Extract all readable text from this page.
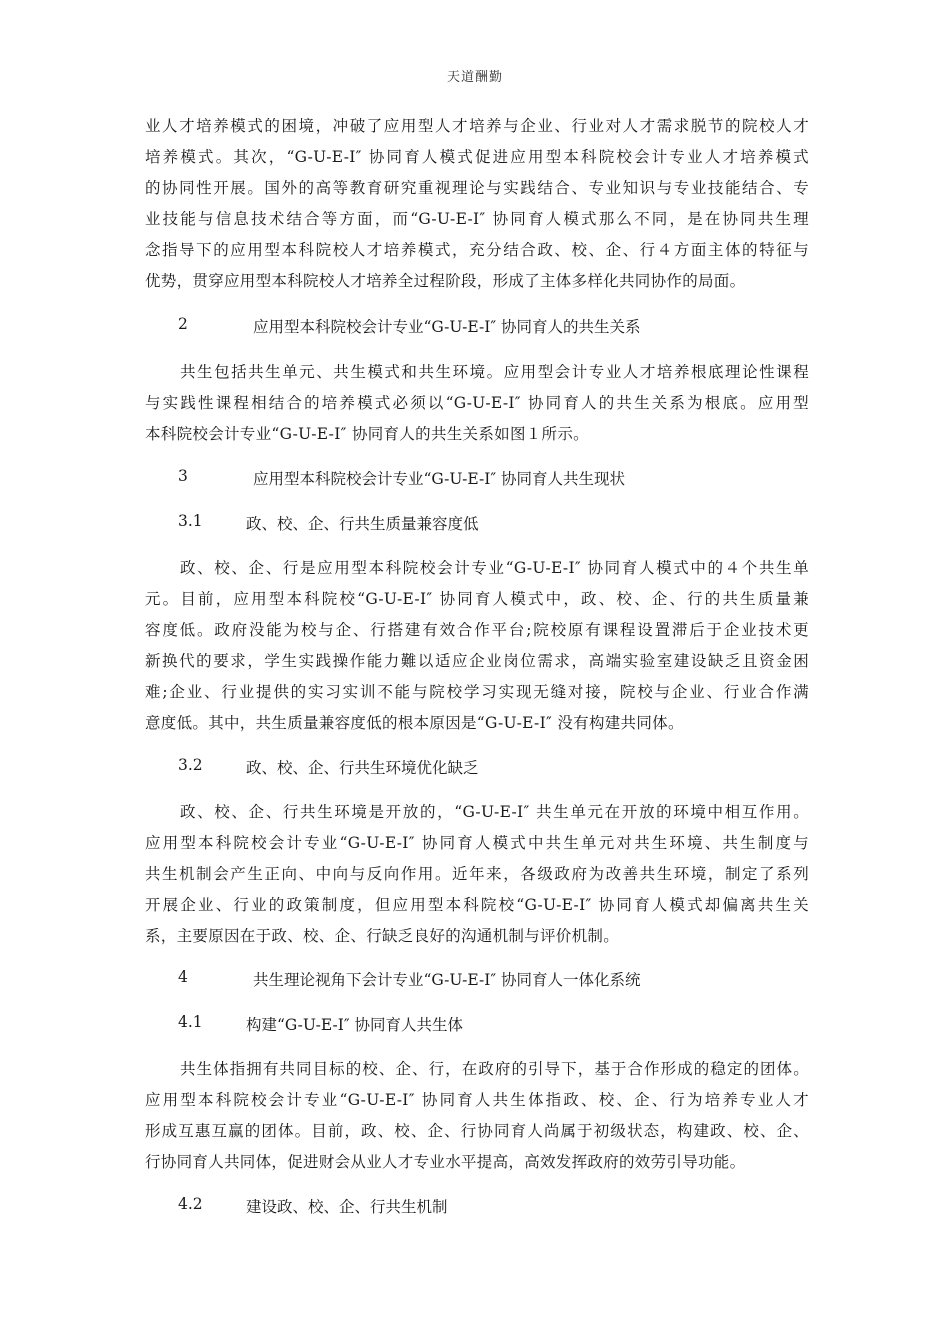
天道酬勤
业人才培养模式的困境，冲破了应用型人才培养与企业、行业对人才需求脱节的院校人才
培养模式。其次，“G-U-E-I″ 协同育人模式促进应用型本科院校会计专业人才培养模式
的协同性开展。国外的高等教育研究重视理论与实践结合、专业知识与专业技能结合、专
业技能与信息技术结合等方面，而“G-U-E-I″ 协同育人模式那么不同，是在协同共生理
念指导下的应用型本科院校人才培养模式，充分结合政、校、企、行４方面主体的特征与
优势，贯穿应用型本科院校人才培养全过程阶段，形成了主体多样化共同协作的局面。
2	应用型本科院校会计专业“G-U-E-I″ 协同育人的共生关系
共生包括共生单元、共生模式和共生环境。应用型会计专业人才培养根底理论性课程
与实践性课程相结合的培养模式必须以“G-U-E-I″ 协同育人的共生关系为根底。应用型
本科院校会计专业“G-U-E-I″ 协同育人的共生关系如图１所示。
3	应用型本科院校会计专业“G-U-E-I″ 协同育人共生现状
3.1	政、校、企、行共生质量兼容度低
政、校、企、行是应用型本科院校会计专业“G-U-E-I″ 协同育人模式中的４个共生单
元。目前，应用型本科院校“G-U-E-I″ 协同育人模式中，政、校、企、行的共生质量兼
容度低。政府没能为校与企、行搭建有效合作平台;院校原有课程设置滞后于企业技术更
新换代的要求，学生实践操作能力難以适应企业岗位需求，高端实验室建设缺乏且资金困
难;企业、行业提供的实习实训不能与院校学习实现无缝对接，院校与企业、行业合作满
意度低。其中，共生质量兼容度低的根本原因是“G-U-E-I″ 没有构建共同体。
3.2	政、校、企、行共生环境优化缺乏
政、校、企、行共生环境是开放的，“G-U-E-I″ 共生单元在开放的环境中相互作用。
应用型本科院校会计专业“G-U-E-I″ 协同育人模式中共生单元对共生环境、共生制度与
共生机制会产生正向、中向与反向作用。近年来，各级政府为改善共生环境，制定了系列
开展企业、行业的政策制度，但应用型本科院校“G-U-E-I″ 协同育人模式却偏离共生关
系，主要原因在于政、校、企、行缺乏良好的沟通机制与评价机制。
4	共生理论视角下会计专业“G-U-E-I″ 协同育人一体化系统
4.1	构建“G-U-E-I″ 协同育人共生体
共生体指拥有共同目标的校、企、行，在政府的引导下，基于合作形成的稳定的团体。
应用型本科院校会计专业“G-U-E-I″ 协同育人共生体指政、校、企、行为培养专业人才
形成互惠互赢的团体。目前，政、校、企、行协同育人尚属于初级状态，构建政、校、企、
行协同育人共同体，促进财会从业人才专业水平提高，高效发挥政府的效劳引导功能。
4.2	建设政、校、企、行共生机制
